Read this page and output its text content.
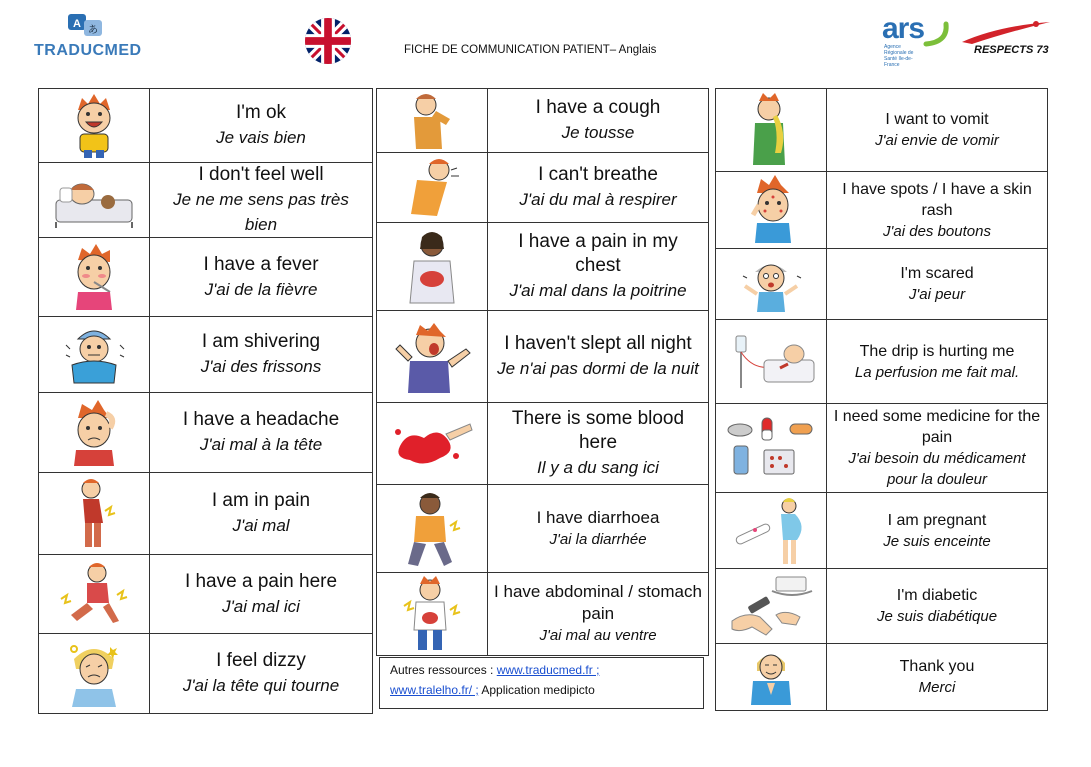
A
あ
TRADUCMED	FICHE DE COMMUNICATION PATIENT– Anglais
ars
Agence Régionale de Santé Ile-de-France
RESPECTS 73
I'm ok
Je vais bien
I don't feel well
Je ne me sens pas très bien
I have a fever
J'ai de la fièvre
I am shivering
J'ai des frissons
I have a headache
J'ai mal à la tête
I am in pain
J'ai mal
I have a pain here
J'ai mal ici
I feel dizzy
J'ai la tête qui tourne
I have a cough
Je tousse
I can't breathe
J'ai du mal à respirer
I have a pain in my chest
J'ai mal dans la poitrine
I haven't slept all night
Je n'ai pas dormi de la nuit
There is some blood here
Il y a du sang ici
I have diarrhoea
J'ai la diarrhée
I have abdominal / stomach pain
J'ai mal au ventre
Autres ressources : www.traducmed.fr ;
www.tralelho.fr/ ; Application medipicto
I want to vomit
J'ai envie de vomir
I have spots / I have a skin rash
J'ai des boutons
I'm scared
J'ai peur
The drip is hurting me
La perfusion me fait mal.
I need some medicine for the pain
J'ai besoin du médicament pour la douleur
I am pregnant
Je suis enceinte
I'm diabetic
Je suis diabétique
Thank you
Merci
